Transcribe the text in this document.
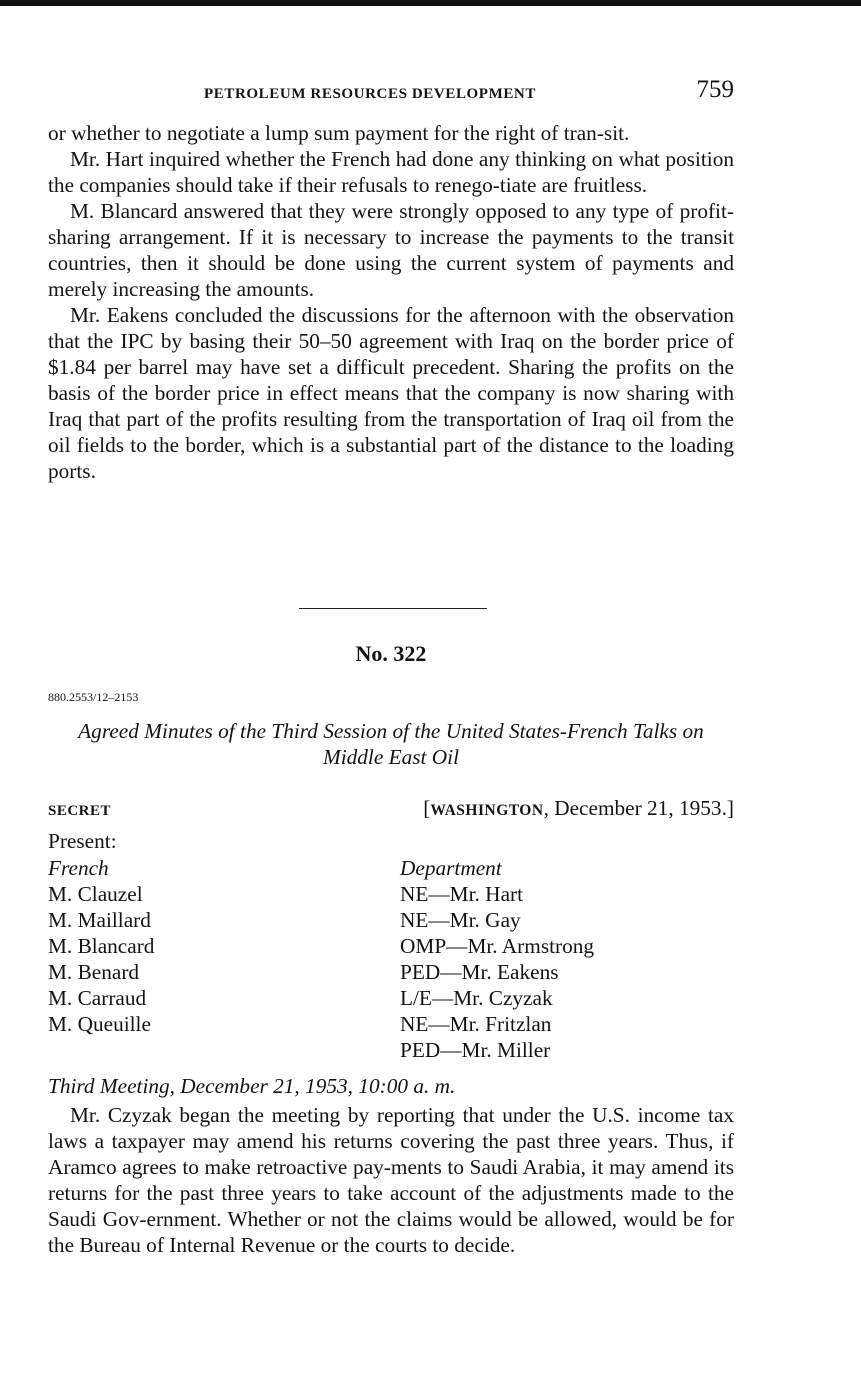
PETROLEUM RESOURCES DEVELOPMENT	759

or whether to negotiate a lump sum payment for the right of tran-sit.

Mr. Hart inquired whether the French had done any thinking on what position the companies should take if their refusals to renego-tiate are fruitless.

M. Blancard answered that they were strongly opposed to any type of profit-sharing arrangement. If it is necessary to increase the payments to the transit countries, then it should be done using the current system of payments and merely increasing the amounts.

Mr. Eakens concluded the discussions for the afternoon with the observation that the IPC by basing their 50–50 agreement with Iraq on the border price of $1.84 per barrel may have set a difficult precedent. Sharing the profits on the basis of the border price in effect means that the company is now sharing with Iraq that part of the profits resulting from the transportation of Iraq oil from the oil fields to the border, which is a substantial part of the distance to the loading ports.

No. 322
880.2553/12–2153
Agreed Minutes of the Third Session of the United States-French Talks on Middle East Oil
SECRET	[WASHINGTON, December 21, 1953.]
Present:
French
M. Clauzel
M. Maillard
M. Blancard
M. Benard
M. Carraud
M. Queuille
Department
NE—Mr. Hart
NE—Mr. Gay
OMP—Mr. Armstrong
PED—Mr. Eakens
L/E—Mr. Czyzak
NE—Mr. Fritzlan
PED—Mr. Miller
Third Meeting, December 21, 1953, 10:00 a. m.

Mr. Czyzak began the meeting by reporting that under the U.S. income tax laws a taxpayer may amend his returns covering the past three years. Thus, if Aramco agrees to make retroactive pay-ments to Saudi Arabia, it may amend its returns for the past three years to take account of the adjustments made to the Saudi Gov-ernment. Whether or not the claims would be allowed, would be for the Bureau of Internal Revenue or the courts to decide.
